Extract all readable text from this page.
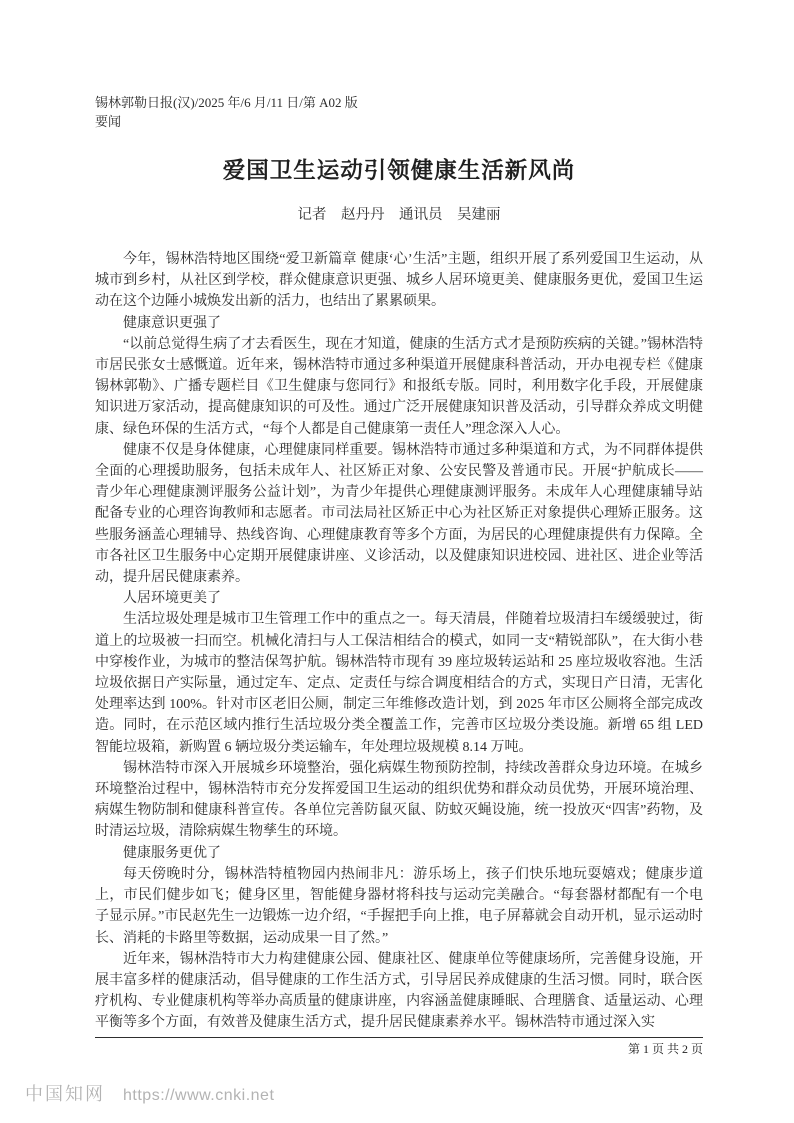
锡林郭勒日报(汉)/2025 年/6 月/11 日/第 A02 版
要闻
爱国卫生运动引领健康生活新风尚
记者　赵丹丹　通讯员　吴建丽

今年，锡林浩特地区围绕“爱卫新篇章 健康‘心’生活”主题，组织开展了系列爱国卫生运动，从城市到乡村，从社区到学校，群众健康意识更强、城乡人居环境更美、健康服务更优，爱国卫生运动在这个边陲小城焕发出新的活力，也结出了累累硕果。

健康意识更强了

“以前总觉得生病了才去看医生，现在才知道，健康的生活方式才是预防疾病的关键。”锡林浩特市居民张女士感慨道。近年来，锡林浩特市通过多种渠道开展健康科普活动，开办电视专栏《健康锡林郭勒》、广播专题栏目《卫生健康与您同行》和报纸专版。同时，利用数字化手段，开展健康知识进万家活动，提高健康知识的可及性。通过广泛开展健康知识普及活动，引导群众养成文明健康、绿色环保的生活方式，“每个人都是自己健康第一责任人”理念深入人心。

健康不仅是身体健康，心理健康同样重要。锡林浩特市通过多种渠道和方式，为不同群体提供全面的心理援助服务，包括未成年人、社区矫正对象、公安民警及普通市民。开展“护航成长——青少年心理健康测评服务公益计划”，为青少年提供心理健康测评服务。未成年人心理健康辅导站配备专业的心理咨询教师和志愿者。市司法局社区矫正中心为社区矫正对象提供心理矫正服务。这些服务涵盖心理辅导、热线咨询、心理健康教育等多个方面，为居民的心理健康提供有力保障。全市各社区卫生服务中心定期开展健康讲座、义诊活动，以及健康知识进校园、进社区、进企业等活动，提升居民健康素养。

人居环境更美了

生活垃圾处理是城市卫生管理工作中的重点之一。每天清晨，伴随着垃圾清扫车缓缓驶过，街道上的垃圾被一扫而空。机械化清扫与人工保洁相结合的模式，如同一支“精锐部队”，在大街小巷中穿梭作业，为城市的整洁保驾护航。锡林浩特市现有 39 座垃圾转运站和 25 座垃圾收容池。生活垃圾依据日产实际量，通过定车、定点、定责任与综合调度相结合的方式，实现日产日清，无害化处理率达到 100%。针对市区老旧公厕，制定三年维修改造计划，到 2025 年市区公厕将全部完成改造。同时，在示范区域内推行生活垃圾分类全覆盖工作，完善市区垃圾分类设施。新增 65 组 LED 智能垃圾箱，新购置 6 辆垃圾分类运输车，年处理垃圾规模 8.14 万吨。

锡林浩特市深入开展城乡环境整治，强化病媒生物预防控制，持续改善群众身边环境。在城乡环境整治过程中，锡林浩特市充分发挥爱国卫生运动的组织优势和群众动员优势，开展环境治理、病媒生物防制和健康科普宣传。各单位完善防鼠灭鼠、防蚊灭蝇设施，统一投放灭“四害”药物，及时清运垃圾，清除病媒生物孳生的环境。

健康服务更优了

每天傍晚时分，锡林浩特植物园内热闹非凡：游乐场上，孩子们快乐地玩耍嬉戏；健康步道上，市民们健步如飞；健身区里，智能健身器材将科技与运动完美融合。“每套器材都配有一个电子显示屏。”市民赵先生一边锻炼一边介绍，“手握把手向上推，电子屏幕就会自动开机，显示运动时长、消耗的卡路里等数据，运动成果一目了然。”

近年来，锡林浩特市大力构建健康公园、健康社区、健康单位等健康场所，完善健身设施，开展丰富多样的健康活动，倡导健康的工作生活方式，引导居民养成健康的生活习惯。同时，联合医疗机构、专业健康机构等举办高质量的健康讲座，内容涵盖健康睡眠、合理膳食、适量运动、心理平衡等多个方面，有效普及健康生活方式，提升居民健康素养水平。锡林浩特市通过深入实

第 1 页 共 2 页
中国知网 https://www.cnki.net
